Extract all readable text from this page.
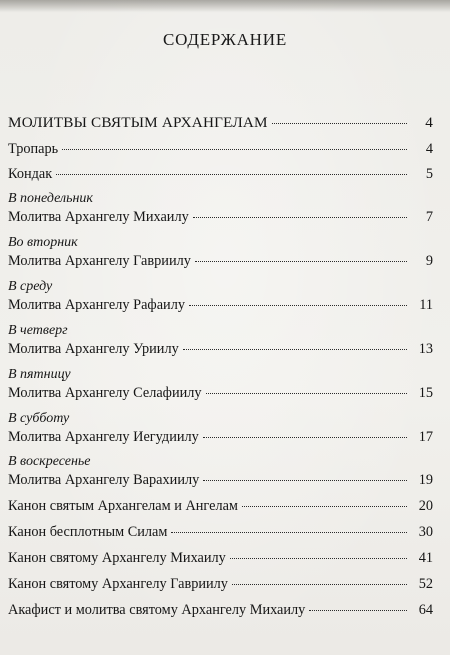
СОДЕРЖАНИЕ
МОЛИТВЫ СВЯТЫМ АРХАНГЕЛАМ	4
Тропарь	4
Кондак	5
В понедельник
Молитва Архангелу Михаилу	7
Во вторник
Молитва Архангелу Гавриилу	9
В среду
Молитва Архангелу Рафаилу	11
В четверг
Молитва Архангелу Уриилу	13
В пятницу
Молитва Архангелу Селафиилу	15
В субботу
Молитва Архангелу Иегудиилу	17
В воскресенье
Молитва Архангелу Варахиилу	19
Канон святым Архангелам и Ангелам	20
Канон бесплотным Силам	30
Канон святому Архангелу Михаилу	41
Канон святому Архангелу Гавриилу	52
Акафист и молитва святому Архангелу Михаилу	64
